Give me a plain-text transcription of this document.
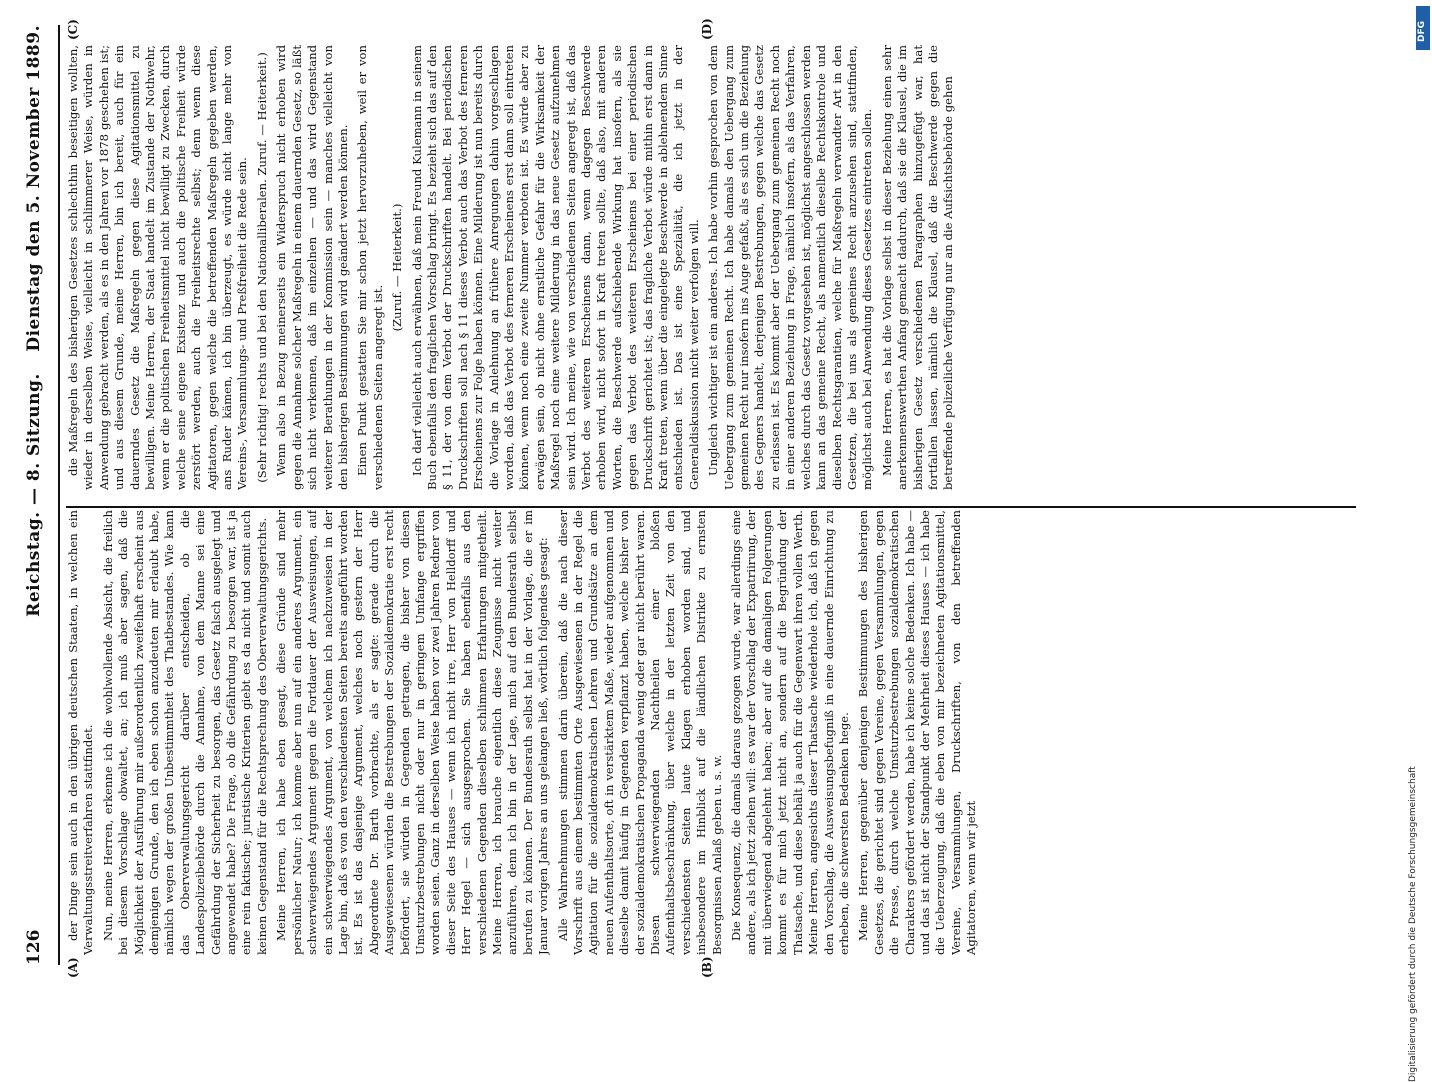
126
Reichstag. — 8. Sitzung.
Dienstag den 5. November 1889.
(A)	(B)
(C)	(D)

der Dinge sein auch in den übrigen deutschen Staaten, in welchen ein Verwaltungsstreitverfahren stattfindet. Nun, meine Herren, erkenne ich die wohlwollende Absicht, die freilich bei diesem Vorschlage obwaltet, an; ich muß aber sagen, daß die Möglichkeit der Ausführung mir außerordentlich zweifelhaft erscheint aus demjenigen Grunde, den ich eben schon anzudeuten mir erlaubt habe, nämlich wegen der großen Unbestimmtheit des Thatbestandes. Wie kann das Oberverwaltungsgericht darüber entscheiden, ob die Landespolizeibehörde durch die Annahme, von dem Manne sei eine Gefährdung der Sicherheit zu besorgen, das Gesetz falsch ausgelegt und angewendet habe? Die Frage, ob die Gefährdung zu besorgen war, ist ja eine rein faktische; juristische Kriterien giebt es da nicht und somit auch keinen Gegenstand für die Rechtsprechung des Oberverwaltungsgerichts. Meine Herren, ich habe eben gesagt, diese Gründe sind mehr persönlicher Natur; ich komme aber nun auf ein anderes Argument, ein schwerwiegendes Argument gegen die Fortdauer der Ausweisungen, auf ein schwerwiegendes Argument, von welchem ich nachzuweisen in der Lage bin, daß es von den verschiedensten Seiten bereits angeführt worden ist. Es ist das dasjenige Argument, welches noch gestern der Herr Abgeordnete Dr. Barth vorbrachte, als er sagte: gerade durch die Ausgewiesenen würden die Bestrebungen der Sozialdemokratie erst recht befördert, sie würden in Gegenden getragen, die bisher von diesen Umsturzbestrebungen nicht oder nur in geringem Umfange ergriffen worden seien. Ganz in derselben Weise haben vor zwei Jahren Redner von dieser Seite des Hauses — wenn ich nicht irre, Herr von Helldorff und Herr Hegel — sich ausgesprochen. Sie haben ebenfalls aus den verschiedenen Gegenden dieselben schlimmen Erfahrungen mitgetheilt. Meine Herren, ich brauche eigentlich diese Zeugnisse nicht weiter anzuführen, denn ich bin in der Lage, mich auf den Bundesrath selbst berufen zu können. Der Bundesrath selbst hat in der Vorlage, die er im Januar vorigen Jahres an uns gelangen ließ, wörtlich folgendes gesagt: Alle Wahrnehmungen stimmen darin überein, daß die nach dieser Vorschrift aus einem bestimmten Orte Ausgewiesenen in der Regel die Agitation für die sozialdemokratischen Lehren und Grundsätze an dem neuen Aufenthaltsorte, oft in verstärktem Maße, wieder aufgenommen und dieselbe damit häufig in Gegenden verpflanzt haben, welche bisher von der sozialdemokratischen Propaganda wenig oder gar nicht berührt waren. Diesen schwerwiegenden Nachtheilen einer bloßen Aufenthaltsbeschränkung, über welche in der letzten Zeit von den verschiedensten Seiten laute Klagen erhoben worden sind, und insbesondere im Hinblick auf die ländlichen Distrikte zu ernsten Besorgnissen Anlaß geben u. s. w. Die Konsequenz, die damals daraus gezogen wurde, war allerdings eine andere, als ich jetzt ziehen will: es war der Vorschlag der Expatriirung, der mit überwiegend abgelehnt haben; aber auf die damaligen Folgerungen kommt es für mich jetzt nicht an, sondern auf die Begründung der Thatsache, und diese behält ja auch für die Gegenwart ihren vollen Werth. Meine Herren, angesichts dieser Thatsache wiederhole ich, daß ich gegen den Vorschlag, die Ausweisungsbefugniß in eine dauernde Einrichtung zu erheben, die schwersten Bedenken hege. Meine Herren, gegenüber denjenigen Bestimmungen des bisherigen Gesetzes, die gerichtet sind gegen Vereine, gegen Versammlungen, gegen die Presse, durch welche Umsturzbestrebungen sozialdemokratischen Charakters gefördert werden, habe ich keine solche Bedenken. Ich habe — und das ist nicht der Standpunkt der Mehrheit dieses Hauses — ich habe die Ueberzeugung, daß die eben von mir bezeichneten Agitationsmittel, Vereine, Versammlungen, Druckschriften, von den betreffenden Agitatoren, wenn wir jetzt

die Maßregeln des bisherigen Gesetzes schlechthin beseitigen wollten, wieder in derselben Weise, vielleicht in schlimmerer Weise, würden in Anwendung gebracht werden, als es in den Jahren vor 1878 geschehen ist; und aus diesem Grunde, meine Herren, bin ich bereit, auch für ein dauerndes Gesetz die Maßregeln gegen diese Agitationsmittel zu bewilligen. Meine Herren, der Staat handelt im Zustande der Nothwehr, wenn er die politischen Freiheitsmittel nicht bewilligt zu Zwecken, durch welche seine eigene Existenz und auch die politische Freiheit würde zerstört werden, auch die Freiheitsrechte selbst; denn wenn diese Agitatoren, gegen welche die betreffenden Maßregeln gegeben werden, ans Ruder kämen, ich bin überzeugt, es würde nicht lange mehr von Vereins-, Versammlungs- und Preßfreiheit die Rede sein. (Sehr richtig! rechts und bei den Nationalliberalen. Zuruf. — Heiterkeit.) Wenn also in Bezug meinerseits ein Widerspruch nicht erhoben wird gegen die Annahme solcher Maßregeln in einem dauernden Gesetz, so läßt sich nicht verkennen, daß im einzelnen — und das wird Gegenstand weiterer Berathungen in der Kommission sein — manches vielleicht von den bisherigen Bestimmungen wird geändert werden können. Einen Punkt gestatten Sie mir schon jetzt hervorzuheben, weil er von verschiedenen Seiten angeregt ist.

(Zuruf. — Heiterkeit.) Ich darf vielleicht auch erwähnen, daß mein Freund Kulemann in seinem Buch ebenfalls den fraglichen Vorschlag bringt. Es bezieht sich das auf den § 11, der von dem Verbot der Druckschriften handelt. Bei periodischen Druckschriften soll nach § 11 dieses Verbot auch das Verbot des ferneren Erscheinens zur Folge haben können. Eine Milderung ist nun bereits durch die Vorlage in Anlehnung an frühere Anregungen dahin vorgeschlagen worden, daß das Verbot des ferneren Erscheinens erst dann soll eintreten können, wenn noch eine zweite Nummer verboten ist. Es würde aber zu erwägen sein, ob nicht ohne ernstliche Gefahr für die Wirksamkeit der Maßregel noch eine weitere Milderung in das neue Gesetz aufzunehmen sein wird. Ich meine, wie von verschiedenen Seiten angeregt ist, daß das Verbot des weiteren Erscheinens dann, wenn dagegen Beschwerde erhoben wird, nicht sofort in Kraft treten sollte, daß also, mit anderen Worten, die Beschwerde aufschiebende Wirkung hat insofern, als sie gegen das Verbot des weiteren Erscheinens bei einer periodischen Druckschrift gerichtet ist; das fragliche Verbot würde mithin erst dann in Kraft treten, wenn über die eingelegte Beschwerde in ablehnendem Sinne entschieden ist. Das ist eine Spezialität, die ich jetzt in der Generaldiskussion nicht weiter verfolgen will. Ungleich wichtiger ist ein anderes. Ich habe vorhin gesprochen von dem Uebergang zum gemeinen Recht. Ich habe damals den Uebergang zum gemeinen Recht nur insofern ins Auge gefaßt, als es sich um die Beziehung des Gegners handelt, derjenigen Bestrebungen, gegen welche das Gesetz zu erlassen ist. Es kommt aber der Uebergang zum gemeinen Recht noch in einer anderen Beziehung in Frage, nämlich insofern, als das Verfahren, welches durch das Gesetz vorgesehen ist, möglichst angeschlossen werden kann an das gemeine Recht, als namentlich dieselbe Rechtskontrole und dieselben Rechtsgarantien, welche für Maßregeln verwandter Art in den Gesetzen, die bei uns als gemeines Recht anzusehen sind, stattfinden, möglichst auch bei Anwendung dieses Gesetzes eintreten sollen. Meine Herren, es hat die Vorlage selbst in dieser Beziehung einen sehr anerkennenswerthen Anfang gemacht dadurch, daß sie die Klausel, die im bisherigen Gesetz verschiedenen Paragraphen hinzugefügt war, hat fortfallen lassen, nämlich die Klausel, daß die Beschwerde gegen die betreffende polizeiliche Verfügung nur an die Aufsichtsbehörde gehen

Digitalisierung gefördert durch die Deutsche Forschungsgemeinschaft
DFG
